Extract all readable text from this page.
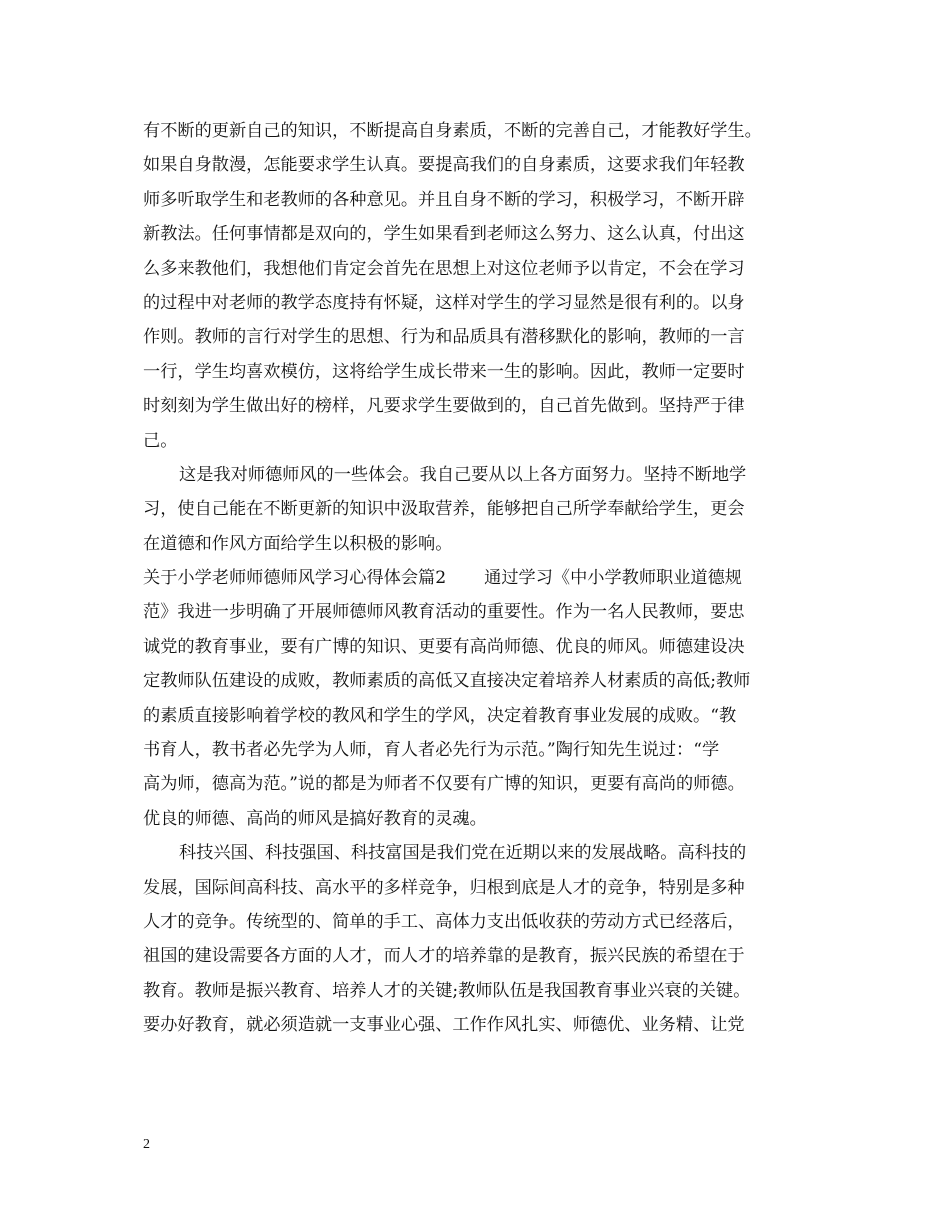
有不断的更新自己的知识，不断提高自身素质，不断的完善自己，才能教好学生。
如果自身散漫，怎能要求学生认真。要提高我们的自身素质，这要求我们年轻教
师多听取学生和老教师的各种意见。并且自身不断的学习，积极学习，不断开辟
新教法。任何事情都是双向的，学生如果看到老师这么努力、这么认真，付出这
么多来教他们，我想他们肯定会首先在思想上对这位老师予以肯定，不会在学习
的过程中对老师的教学态度持有怀疑，这样对学生的学习显然是很有利的。以身
作则。教师的言行对学生的思想、行为和品质具有潜移默化的影响，教师的一言
一行，学生均喜欢模仿，这将给学生成长带来一生的影响。因此，教师一定要时
时刻刻为学生做出好的榜样，凡要求学生要做到的，自己首先做到。坚持严于律
己。
这是我对师德师风的一些体会。我自己要从以上各方面努力。坚持不断地学
习，使自己能在不断更新的知识中汲取营养，能够把自己所学奉献给学生，更会
在道德和作风方面给学生以积极的影响。
关于小学老师师德师风学习心得体会篇2 通过学习《中小学教师职业道德规
范》我进一步明确了开展师德师风教育活动的重要性。作为一名人民教师，要忠
诚党的教育事业，要有广博的知识、更要有高尚师德、优良的师风。师德建设决
定教师队伍建设的成败，教师素质的高低又直接决定着培养人材素质的高低;教师
的素质直接影响着学校的教风和学生的学风，决定着教育事业发展的成败。“教
书育人，教书者必先学为人师，育人者必先行为示范。”陶行知先生说过：“学
高为师，德高为范。”说的都是为师者不仅要有广博的知识，更要有高尚的师德。
优良的师德、高尚的师风是搞好教育的灵魂。
科技兴国、科技强国、科技富国是我们党在近期以来的发展战略。高科技的
发展，国际间高科技、高水平的多样竞争，归根到底是人才的竞争，特别是多种
人才的竞争。传统型的、简单的手工、高体力支出低收获的劳动方式已经落后，
祖国的建设需要各方面的人才，而人才的培养靠的是教育，振兴民族的希望在于
教育。教师是振兴教育、培养人才的关键;教师队伍是我国教育事业兴衰的关键。
要办好教育，就必须造就一支事业心强、工作作风扎实、师德优、业务精、让党
2
